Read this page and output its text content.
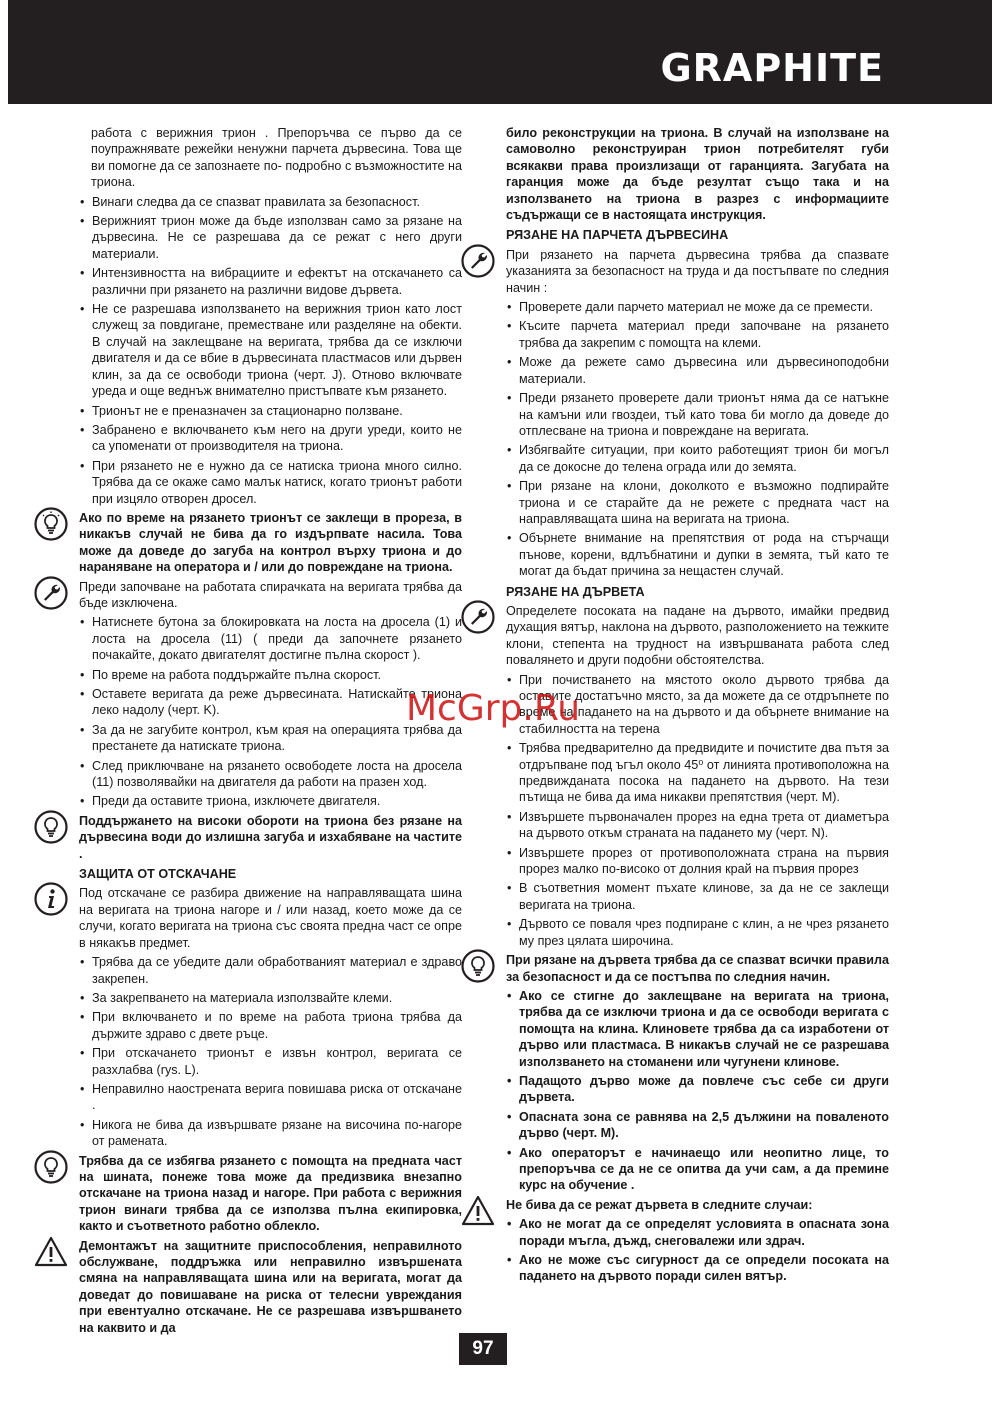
GRAPHITE

работа с верижния трион . Препоръчва се първо да се поупражнявате режейки ненужни парчета дървесина. Това ще ви помогне да се запознаете по- подробно с възможностите на триона.

• Винаги следва да се спазват правилата за безопасност.
• Верижният трион може да бъде използван само за рязане на дървесина. Не се разрешава да се режат с него други материали.
• Интензивността на вибрациите и ефектът на отскачането са различни при рязането на различни видове дървета.
• Не се разрешава използването на верижния трион като лост служещ за повдигане, преместване или разделяне на обекти. В случай на заклещване на веригата, трябва да се изключи двигателя и да се вбие в дървесината пластмасов или дървен клин, за да се освободи триона (черт. J). Отново включвате уреда и още веднъж внимателно пристъпвате към рязането.
• Трионът не е преназначен за стационарно ползване.
• Забранено е включването към него на други уреди, които не са упоменати от производителя на триона.
• При рязането не е нужно да се натиска триона много силно. Трябва да се окаже само малък натиск, когато трионът работи при изцяло отворен дросел.

Ако по време на рязането трионът се заклещи в прореза, в никакъв случай не бива да го издърпвате насила. Това може да доведе до загуба на контрол върху триона и до нараняване на оператора и / или до повреждане на триона.

Преди започване на работата спирачката на веригата трябва да бъде изключена.

• Натиснете бутона за блокировката на лоста на дросела (1) и лоста на дросела (11) ( преди да започнете рязането почакайте, докато двигателят достигне пълна скорост ).
• По време на работа поддържайте пълна скорост.
• Оставете веригата да реже дървесината. Натискайте триона леко надолу (черт. K).
• За да не загубите контрол, към края на операцията трябва да престанете да натискате триона.
• След приключване на рязането освободете лоста на дросела (11) позволявайки на двигателя да работи на празен ход.
• Преди да оставите триона, изключете двигателя.

Поддържането на високи обороти на триона без рязане на дървесина води до излишна загуба и изхабяване на частите .

ЗАЩИТА ОТ ОТСКАЧАНЕ

Под отскачане се разбира движение на направляващата шина на веригата на триона нагоре и / или назад, което може да се случи, когато веригата на триона със своята предна част се опре в някакъв предмет.

• Трябва да се убедите дали обработваният материал е здраво закрепен.
• За закрепването на материала използвайте клеми.
• При включването и по време на работа триона трябва да държите здраво с двете ръце.
• При отскачането трионът е извън контрол, веригата се разхлабва (rys. L).
• Неправилно наострената верига повишава риска от отскачане .
• Никога не бива да извършвате рязане на височина по-нагоре от рамената.

Трябва да се избягва рязането с помощта на предната част на шината, понеже това може да предизвика внезапно отскачане на триона назад и нагоре. При работа с верижния трион винаги трябва да се използва пълна екипировка, както и съответното работно облекло.

Демонтажът на защитните приспособления, неправилното обслужване, поддръжка или неправилно извършената смяна на направляващата шина или на веригата, могат да доведат до повишаване на риска от телесни увреждания при евентуално отскачане. Не се разрешава извършването на каквито и да

било реконструкции на триона. В случай на използване на самоволно реконструиран трион потребителят губи всякакви права произлизащи от гаранцията. Загубата на гаранция може да бъде резултат също така и на използването на триона в разрез с информациите съдържащи се в настоящата инструкция.

РЯЗАНЕ НА ПАРЧЕТА ДЪРВЕСИНА

При рязането на парчета дървесина трябва да спазвате указанията за безопасност на труда и да постъпвате по следния начин :

• Проверете дали парчето материал не може да се премести.
• Късите парчета материал преди започване на рязането трябва да закрепим с помощта на клеми.
• Може да режете само дървесина или дървесиноподобни материали.
• Преди рязането проверете дали трионът няма да се натъкне на камъни или гвоздеи, тъй като това би могло да доведе до отплесване на триона и повреждане на веригата.
• Избягвайте ситуации, при които работещият трион би могъл да се докосне до телена ограда или до земята.
• При рязане на клони, доколкото е възможно подпирайте триона и се старайте да не режете с предната част на направляващата шина на веригата на триона.
• Обърнете внимание на препятствия от рода на стърчащи пънове, корени, вдлъбнатини и дупки в земята, тъй като те могат да бъдат причина за нещастен случай.
РЯЗАНЕ НА ДЪРВЕТА

Определете посоката на падане на дървото, имайки предвид духащия вятър, наклона на дървото, разположението на тежките клони, степента на трудност на извършваната работа след повалянето и други подобни обстоятелства.

• При почистването на мястото около дървото трябва да оставите достатъчно място, за да можете да се отдръпнете по време на падането на на дървото и да обърнете внимание на стабилността на терена
• Трябва предварително да предвидите и почистите два пътя за отдръпване под ъгъл около 45⁰ от линията противоположна на предвижданата посока на падането на дървото. На тези пътища не бива да има никакви препятствия (черт. M).
• Извършете първоначален прорез на една трета от диаметъра на дървото откъм страната на падането му (черт. N).
• Извършете прорез от противоположната страна на първия прорез малко по-високо от долния край на първия прорез
• В съответния момент пъхате клинове, за да не се заклещи веригата на триона.
• Дървото се поваля чрез подпиране с клин, а не чрез рязането му през цялата широчина.

При рязане на дървета трябва да се спазват всички правила за безопасност и да се постъпва по следния начин.

• Ако се стигне до заклещване на веригата на триона, трябва да се изключи триона и да се освободи веригата с помощта на клина. Клиновете трябва да са изработени от дърво или пластмаса. В никакъв случай не се разрешава използването на стоманени или чугунени клинове.
• Падащото дърво може да повлече със себе си други дървета.
• Опасната зона се равнява на 2,5 дължини на поваленото дърво (черт. M).
• Ако операторът е начинаещо или неопитно лице, то препоръчва се да не се опитва да учи сам, а да премине курс на обучение .

Не бива да се режат дървета в следните случаи:

• Ако не могат да се определят условията в опасната зона поради мъгла, дъжд, снеговалежи или здрач.
• Ако не може със сигурност да се определи посоката на падането на дървото поради силен вятър.
McGrp.Ru
97
